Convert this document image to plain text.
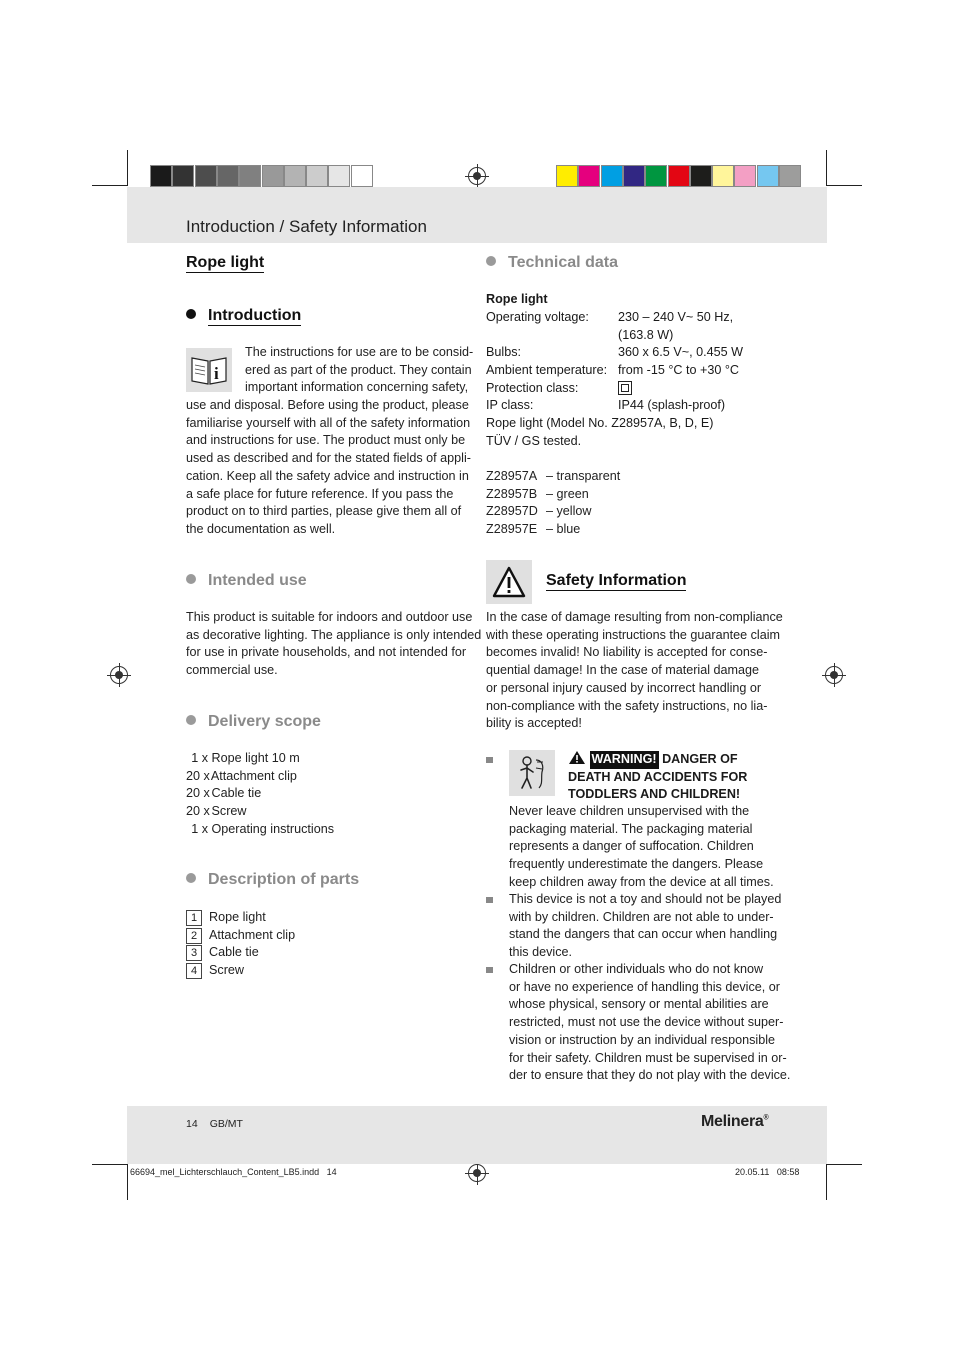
Introduction / Safety Information
Rope light
Introduction
i
The instructions for use are to be consid-
ered as part of the product. They contain
important information concerning safety,
use and disposal. Before using the product, please
familiarise yourself with all of the safety information
and instructions for use. The product must only be
used as described and for the stated fields of appli-
cation. Keep all the safety advice and instruction in
a safe place for future reference. If you pass the
product on to third parties, please give them all of
the documentation as well.
Intended use
This product is suitable for indoors and outdoor use
as decorative lighting. The appliance is only intended
for use in private households, and not intended for
commercial use.
Delivery scope
1 x Rope light 10 m
20 x Attachment clip
20 x Cable tie
20 x Screw
1 x Operating instructions
Description of parts
1 Rope light
2 Attachment clip
3 Cable tie
4 Screw
Technical data
Rope light
Operating voltage: 230 – 240 V~ 50 Hz,
(163.8 W)
Bulbs:	360 x 6.5 V~, 0.455 W
Ambient temperature: from -15 °C to +30 °C
Protection class:
IP class:	IP44 (splash-proof)
Rope light (Model No. Z28957A, B, D, E)
TÜV / GS tested.
Z28957A – transparent
Z28957B – green
Z28957D – yellow
Z28957E – blue
Safety Information
In the case of damage resulting from non-compliance
with these operating instructions the guarantee claim
becomes invalid! No liability is accepted for conse-
quential damage! In the case of material damage
or personal injury caused by incorrect handling or
non-compliance with the safety instructions, no lia-
bility is accepted!
WARNING! DANGER OF
DEATH AND ACCIDENTS FOR
TODDLERS AND CHILDREN!
Never leave children unsupervised with the
packaging material. The packaging material
represents a danger of suffocation. Children
frequently underestimate the dangers. Please
keep children away from the device at all times.
This device is not a toy and should not be played
with by children. Children are not able to under-
stand the dangers that can occur when handling
this device.
Children or other individuals who do not know
or have no experience of handling this device, or
whose physical, sensory or mental abilities are
restricted, must not use the device without super-
vision or instruction by an individual responsible
for their safety. Children must be supervised in or-
der to ensure that they do not play with the device.
14 GB/MT	Melinera®
66694_mel_Lichterschlauch_Content_LB5.indd   14	20.05.11   08:58
